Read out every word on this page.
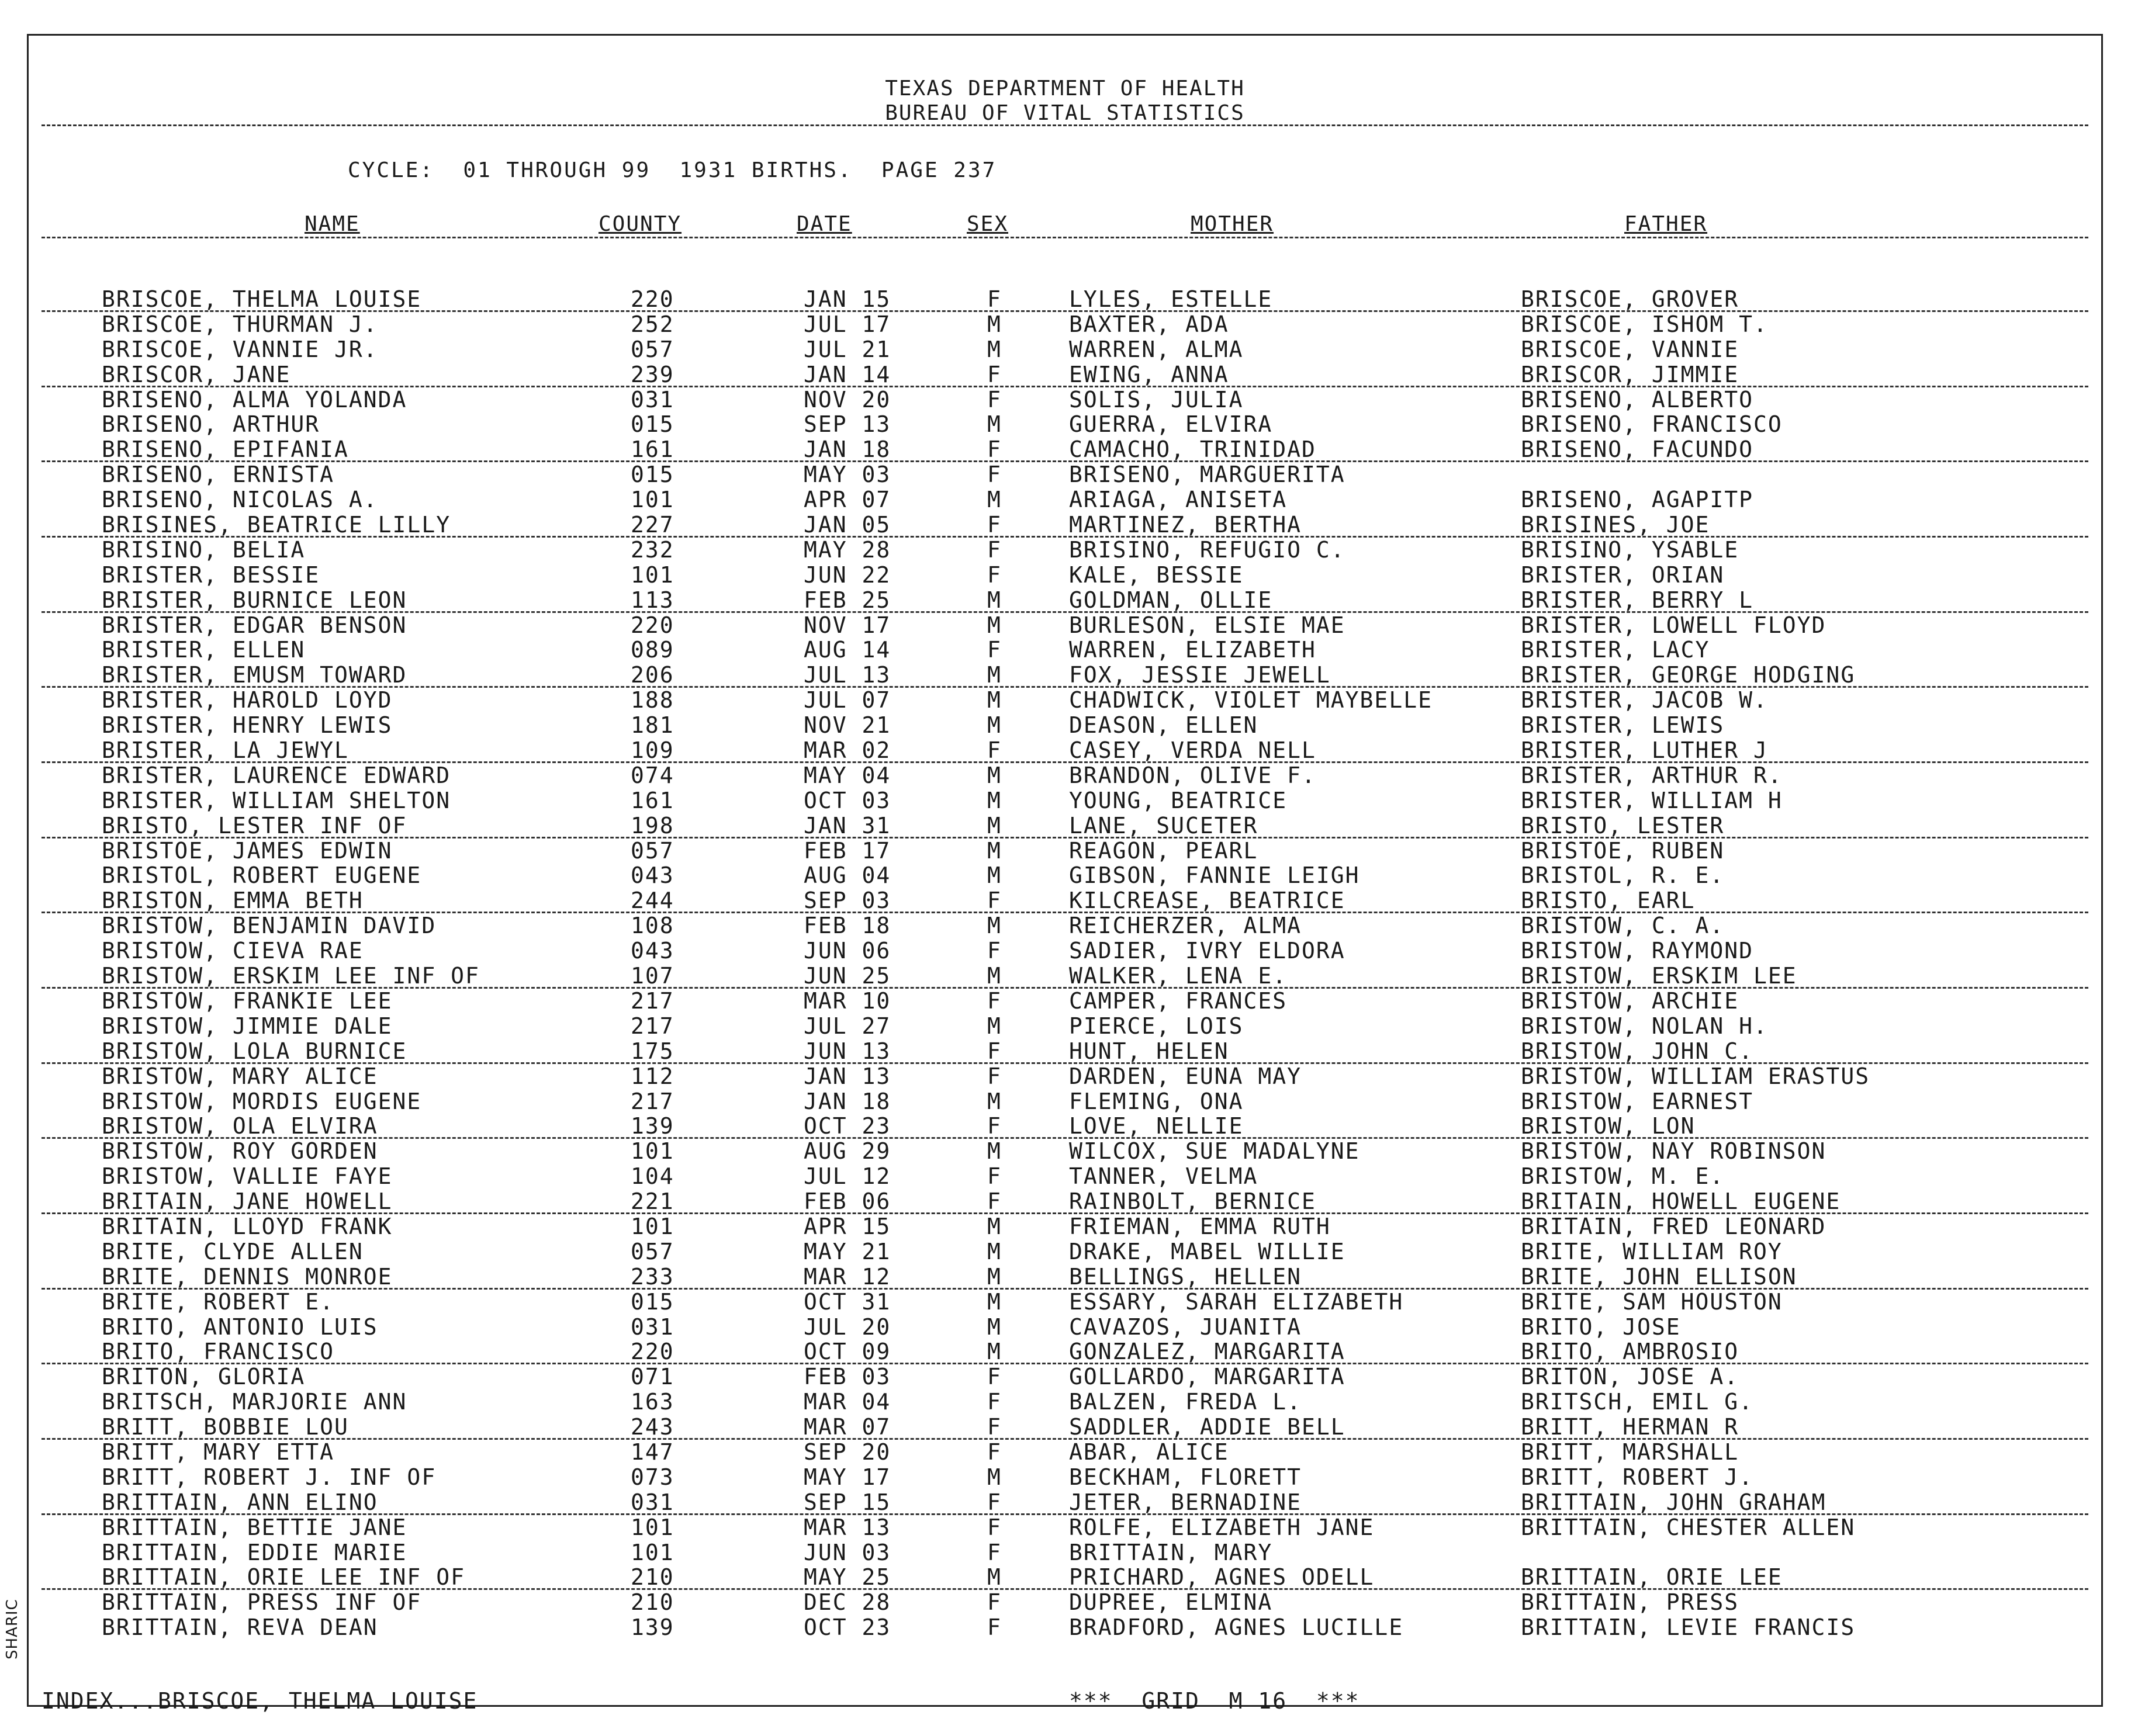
TEXAS DEPARTMENT OF HEALTH
BUREAU OF VITAL STATISTICS
CYCLE:  01 THROUGH 99  1931 BIRTHS.  PAGE 237
NAME	COUNTY	DATE	SEX	MOTHER	FATHER
BRISCOE, THELMA LOUISE	220	JAN 15	F	LYLES, ESTELLE	BRISCOE, GROVER
BRISCOE, THURMAN J.	252	JUL 17	M	BAXTER, ADA	BRISCOE, ISHOM T.
BRISCOE, VANNIE JR.	057	JUL 21	M	WARREN, ALMA	BRISCOE, VANNIE
BRISCOR, JANE	239	JAN 14	F	EWING, ANNA	BRISCOR, JIMMIE
BRISENO, ALMA YOLANDA	031	NOV 20	F	SOLIS, JULIA	BRISENO, ALBERTO
BRISENO, ARTHUR	015	SEP 13	M	GUERRA, ELVIRA	BRISENO, FRANCISCO
BRISENO, EPIFANIA	161	JAN 18	F	CAMACHO, TRINIDAD	BRISENO, FACUNDO
BRISENO, ERNISTA	015	MAY 03	F	BRISENO, MARGUERITA
BRISENO, NICOLAS A.	101	APR 07	M	ARIAGA, ANISETA	BRISENO, AGAPITP
BRISINES, BEATRICE LILLY	227	JAN 05	F	MARTINEZ, BERTHA	BRISINES, JOE
BRISINO, BELIA	232	MAY 28	F	BRISINO, REFUGIO C.	BRISINO, YSABLE
BRISTER, BESSIE	101	JUN 22	F	KALE, BESSIE	BRISTER, ORIAN
BRISTER, BURNICE LEON	113	FEB 25	M	GOLDMAN, OLLIE	BRISTER, BERRY L
BRISTER, EDGAR BENSON	220	NOV 17	M	BURLESON, ELSIE MAE	BRISTER, LOWELL FLOYD
BRISTER, ELLEN	089	AUG 14	F	WARREN, ELIZABETH	BRISTER, LACY
BRISTER, EMUSM TOWARD	206	JUL 13	M	FOX, JESSIE JEWELL	BRISTER, GEORGE HODGING
BRISTER, HAROLD LOYD	188	JUL 07	M	CHADWICK, VIOLET MAYBELLE	BRISTER, JACOB W.
BRISTER, HENRY LEWIS	181	NOV 21	M	DEASON, ELLEN	BRISTER, LEWIS
BRISTER, LA JEWYL	109	MAR 02	F	CASEY, VERDA NELL	BRISTER, LUTHER J
BRISTER, LAURENCE EDWARD	074	MAY 04	M	BRANDON, OLIVE F.	BRISTER, ARTHUR R.
BRISTER, WILLIAM SHELTON	161	OCT 03	M	YOUNG, BEATRICE	BRISTER, WILLIAM H
BRISTO, LESTER INF OF	198	JAN 31	M	LANE, SUCETER	BRISTO, LESTER
BRISTOE, JAMES EDWIN	057	FEB 17	M	REAGON, PEARL	BRISTOE, RUBEN
BRISTOL, ROBERT EUGENE	043	AUG 04	M	GIBSON, FANNIE LEIGH	BRISTOL, R. E.
BRISTON, EMMA BETH	244	SEP 03	F	KILCREASE, BEATRICE	BRISTO, EARL
BRISTOW, BENJAMIN DAVID	108	FEB 18	M	REICHERZER, ALMA	BRISTOW, C. A.
BRISTOW, CIEVA RAE	043	JUN 06	F	SADIER, IVRY ELDORA	BRISTOW, RAYMOND
BRISTOW, ERSKIM LEE INF OF	107	JUN 25	M	WALKER, LENA E.	BRISTOW, ERSKIM LEE
BRISTOW, FRANKIE LEE	217	MAR 10	F	CAMPER, FRANCES	BRISTOW, ARCHIE
BRISTOW, JIMMIE DALE	217	JUL 27	M	PIERCE, LOIS	BRISTOW, NOLAN H.
BRISTOW, LOLA BURNICE	175	JUN 13	F	HUNT, HELEN	BRISTOW, JOHN C.
BRISTOW, MARY ALICE	112	JAN 13	F	DARDEN, EUNA MAY	BRISTOW, WILLIAM ERASTUS
BRISTOW, MORDIS EUGENE	217	JAN 18	M	FLEMING, ONA	BRISTOW, EARNEST
BRISTOW, OLA ELVIRA	139	OCT 23	F	LOVE, NELLIE	BRISTOW, LON
BRISTOW, ROY GORDEN	101	AUG 29	M	WILCOX, SUE MADALYNE	BRISTOW, NAY ROBINSON
BRISTOW, VALLIE FAYE	104	JUL 12	F	TANNER, VELMA	BRISTOW, M. E.
BRITAIN, JANE HOWELL	221	FEB 06	F	RAINBOLT, BERNICE	BRITAIN, HOWELL EUGENE
BRITAIN, LLOYD FRANK	101	APR 15	M	FRIEMAN, EMMA RUTH	BRITAIN, FRED LEONARD
BRITE, CLYDE ALLEN	057	MAY 21	M	DRAKE, MABEL WILLIE	BRITE, WILLIAM ROY
BRITE, DENNIS MONROE	233	MAR 12	M	BELLINGS, HELLEN	BRITE, JOHN ELLISON
BRITE, ROBERT E.	015	OCT 31	M	ESSARY, SARAH ELIZABETH	BRITE, SAM HOUSTON
BRITO, ANTONIO LUIS	031	JUL 20	M	CAVAZOS, JUANITA	BRITO, JOSE
BRITO, FRANCISCO	220	OCT 09	M	GONZALEZ, MARGARITA	BRITO, AMBROSIO
BRITON, GLORIA	071	FEB 03	F	GOLLARDO, MARGARITA	BRITON, JOSE A.
BRITSCH, MARJORIE ANN	163	MAR 04	F	BALZEN, FREDA L.	BRITSCH, EMIL G.
BRITT, BOBBIE LOU	243	MAR 07	F	SADDLER, ADDIE BELL	BRITT, HERMAN R
BRITT, MARY ETTA	147	SEP 20	F	ABAR, ALICE	BRITT, MARSHALL
BRITT, ROBERT J. INF OF	073	MAY 17	M	BECKHAM, FLORETT	BRITT, ROBERT J.
BRITTAIN, ANN ELINO	031	SEP 15	F	JETER, BERNADINE	BRITTAIN, JOHN GRAHAM
BRITTAIN, BETTIE JANE	101	MAR 13	F	ROLFE, ELIZABETH JANE	BRITTAIN, CHESTER ALLEN
BRITTAIN, EDDIE MARIE	101	JUN 03	F	BRITTAIN, MARY
BRITTAIN, ORIE LEE INF OF	210	MAY 25	M	PRICHARD, AGNES ODELL	BRITTAIN, ORIE LEE
BRITTAIN, PRESS INF OF	210	DEC 28	F	DUPREE, ELMINA	BRITTAIN, PRESS
BRITTAIN, REVA DEAN	139	OCT 23	F	BRADFORD, AGNES LUCILLE	BRITTAIN, LEVIE FRANCIS
INDEX...BRISCOE, THELMA LOUISE	***  GRID  M 16  ***
SHARIC
